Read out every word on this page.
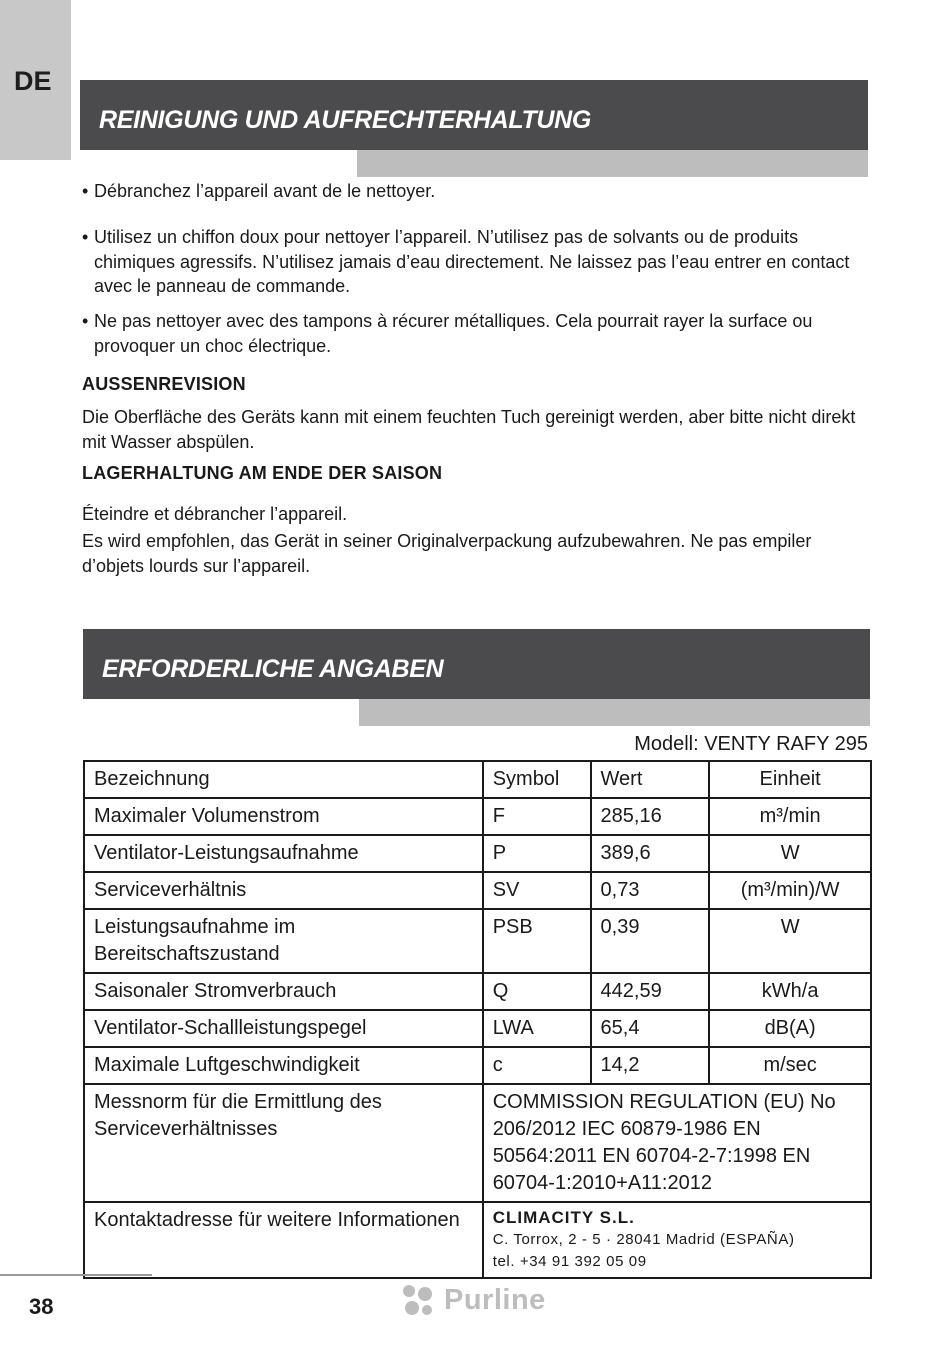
DE
REINIGUNG UND AUFRECHTERHALTUNG
• Débranchez l’appareil avant de le nettoyer.
• Utilisez un chiffon doux pour nettoyer l’appareil. N’utilisez pas de solvants ou de produits chimiques agressifs. N’utilisez jamais d’eau directement. Ne laissez pas l’eau entrer en contact avec le panneau de commande.
• Ne pas nettoyer avec des tampons à récurer métalliques. Cela pourrait rayer la surface ou provoquer un choc électrique.
AUSSENREVISION
Die Oberfläche des Geräts kann mit einem feuchten Tuch gereinigt werden, aber bitte nicht direkt mit Wasser abspülen.
LAGERHALTUNG AM ENDE DER SAISON
Éteindre et débrancher l’appareil.
Es wird empfohlen, das Gerät in seiner Originalverpackung aufzubewahren. Ne pas empiler d’objets lourds sur l’appareil.
ERFORDERLICHE ANGABEN
Modell: VENTY RAFY 295
Bezeichnung	Symbol	Wert	Einheit
Maximaler Volumenstrom	F	285,16	m³/min
Ventilator-Leistungsaufnahme	P	389,6	W
Serviceverhältnis	SV	0,73	(m³/min)/W
Leistungsaufnahme im Bereitschaftszustand	PSB	0,39	W
Saisonaler Stromverbrauch	Q	442,59	kWh/a
Ventilator-Schallleistungspegel	LWA	65,4	dB(A)
Maximale Luftgeschwindigkeit	c	14,2	m/sec
Messnorm für die Ermittlung des Serviceverhältnisses	COMMISSION REGULATION (EU) No 206/2012 IEC 60879-1986 EN 50564:2011 EN 60704-2-7:1998 EN 60704-1:2010+A11:2012		
Kontaktadresse für weitere Informationen	CLIMACITY S.L.
C. Torrox, 2 - 5 · 28041 Madrid (ESPAÑA)
tel. +34 91 392 05 09		
38	Purline
